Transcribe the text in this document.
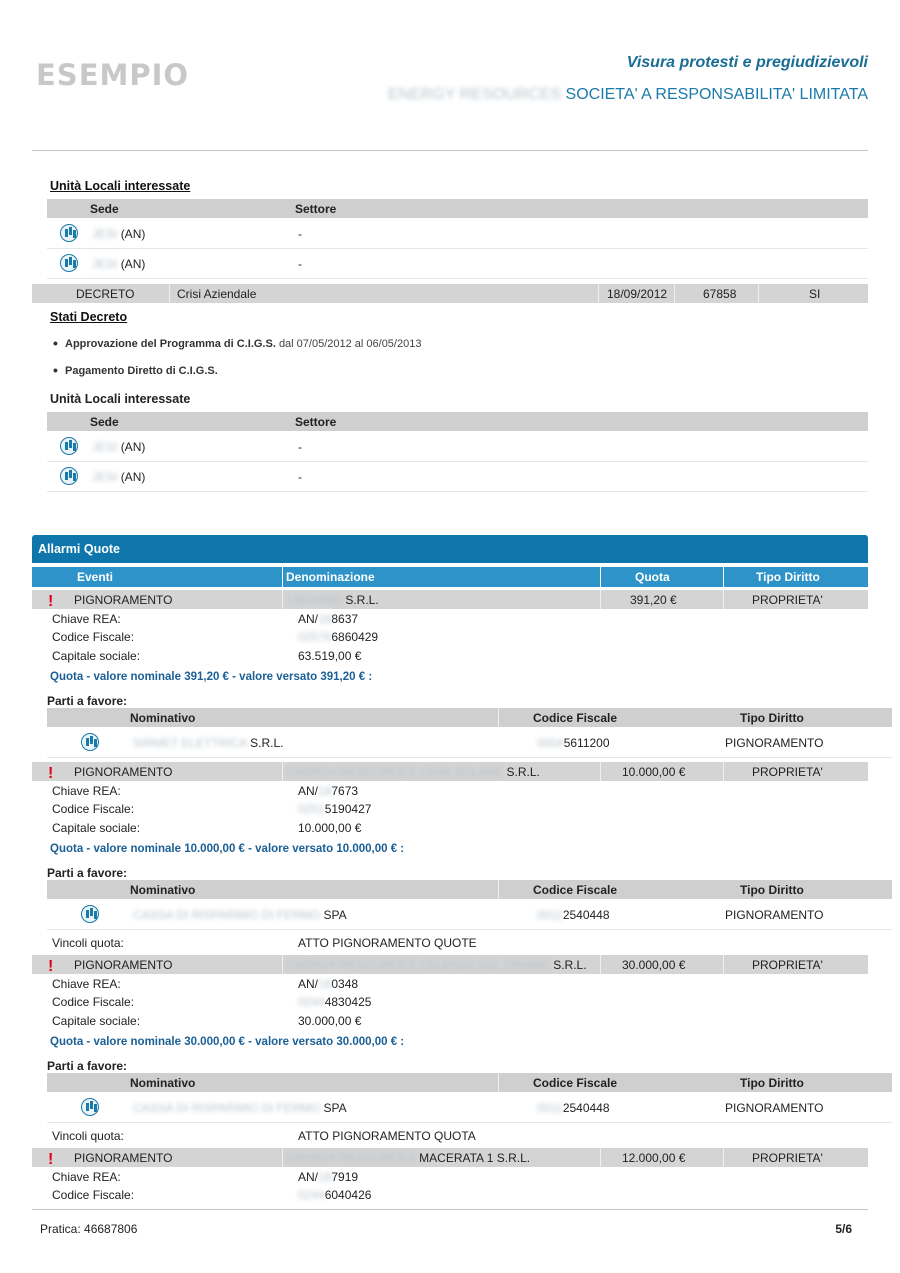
ESEMPIO	Visura protesti e pregiudizievoli
ENERGY RESOURCES SOCIETA' A RESPONSABILITA' LIMITATA
Unità Locali interessate
Sede	Settore
JESI (AN)	-
JESI (AN)	-
DECRETO	Crisi Aziendale	18/09/2012	67858	SI
Stati Decreto
• Approvazione del Programma di C.I.G.S. dal 07/05/2012 al 06/05/2013
• Pagamento Diretto di C.I.G.S.
Unità Locali interessate
Sede	Settore
JESI (AN)	-
JESI (AN)	-
Allarmi Quote
Eventi	Denominazione	Quota	Tipo Diritto
! PIGNORAMENTO	I-MOVING S.R.L.	391,20 €	PROPRIETA'
Chiave REA:	AN/188637
Codice Fiscale:	025766860429
Capitale sociale:	63.519,00 €
Quota - valore nominale 391,20 € - valore versato 391,20 € :
Parti a favore:
Nominativo	Codice Fiscale	Tipo Diritto
SIRMET ELETTRICA S.R.L.	00045611200	PIGNORAMENTO
! PIGNORAMENTO	ENERGY RESOURCES CASA SOLARE S.R.L.	10.000,00 €	PROPRIETA'
Chiave REA:	AN/187673
Codice Fiscale:	02515190427
Capitale sociale:	10.000,00 €
Quota - valore nominale 10.000,00 € - valore versato 10.000,00 € :
Parti a favore:
Nominativo	Codice Fiscale	Tipo Diritto
CASSA DI RISPARMIO DI FERMO SPA	00112540448	PIGNORAMENTO
Vincoli quota:	ATTO PIGNORAMENTO QUOTE
! PIGNORAMENTO	ENERGY RESOURCES CELENZA SUL TRIGNO S.R.L.	30.000,00 €	PROPRIETA'
Chiave REA:	AN/180348
Codice Fiscale:	02444830425
Capitale sociale:	30.000,00 €
Quota - valore nominale 30.000,00 € - valore versato 30.000,00 € :
Parti a favore:
Nominativo	Codice Fiscale	Tipo Diritto
CASSA DI RISPARMIO DI FERMO SPA	00112540448	PIGNORAMENTO
Vincoli quota:	ATTO PIGNORAMENTO QUOTA
! PIGNORAMENTO	ENERGY RESOURCES MACERATA 1 S.R.L.	12.000,00 €	PROPRIETA'
Chiave REA:	AN/187919
Codice Fiscale:	02446040426
Pratica: 46687806	5/6
